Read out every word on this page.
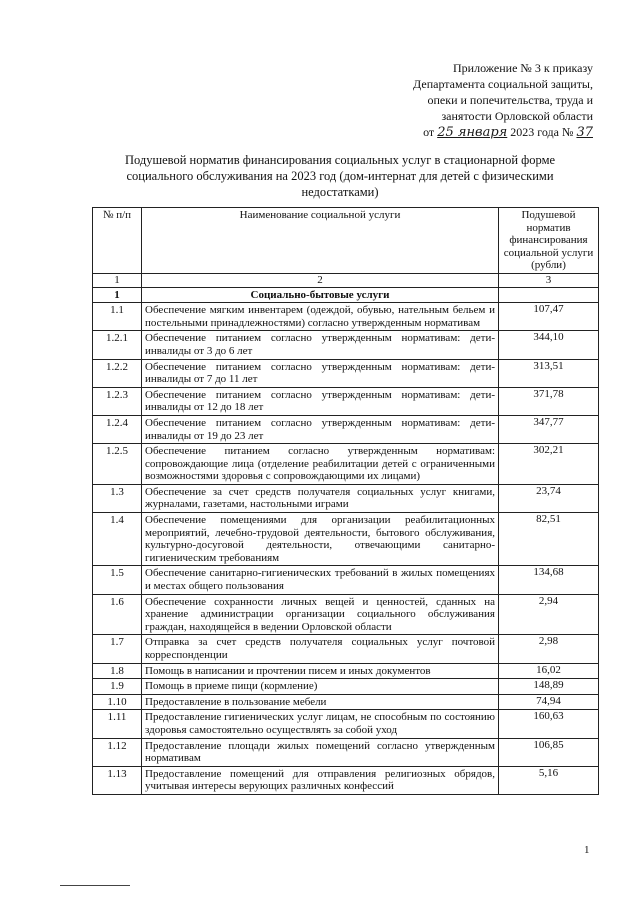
Приложение № 3 к приказу
Департамента социальной защиты,
опеки и попечительства, труда и
занятости Орловской области
от 25 января 2023 года № 37
Подушевой норматив финансирования социальных услуг в стационарной форме социального обслуживания на 2023 год (дом-интернат для детей с физическими недостатками)
№ п/п	Наименование социальной услуги	Подушевой норматив финансирования социальной услуги (рубли)
1	2	3
1	Социально-бытовые услуги	
1.1	Обеспечение мягким инвентарем (одеждой, обувью, нательным бельем и постельными принадлежностями) согласно утвержденным нормативам	107,47
1.2.1	Обеспечение питанием согласно утвержденным нормативам: дети-инвалиды от 3 до 6 лет	344,10
1.2.2	Обеспечение питанием согласно утвержденным нормативам: дети-инвалиды от 7 до 11 лет	313,51
1.2.3	Обеспечение питанием согласно утвержденным нормативам: дети-инвалиды от 12 до 18 лет	371,78
1.2.4	Обеспечение питанием согласно утвержденным нормативам: дети-инвалиды от 19 до 23 лет	347,77
1.2.5	Обеспечение питанием согласно утвержденным нормативам: сопровождающие лица (отделение реабилитации детей с ограниченными возможностями здоровья с сопровождающими их лицами)	302,21
1.3	Обеспечение за счет средств получателя социальных услуг книгами, журналами, газетами, настольными играми	23,74
1.4	Обеспечение помещениями для организации реабилитационных мероприятий, лечебно-трудовой деятельности, бытового обслуживания, культурно-досуговой деятельности, отвечающими санитарно-гигиеническим требованиям	82,51
1.5	Обеспечение санитарно-гигиенических требований в жилых помещениях и местах общего пользования	134,68
1.6	Обеспечение сохранности личных вещей и ценностей, сданных на хранение администрации организации социального обслуживания граждан, находящейся в ведении Орловской области	2,94
1.7	Отправка за счет средств получателя социальных услуг почтовой корреспонденции	2,98
1.8	Помощь в написании и прочтении писем и иных документов	16,02
1.9	Помощь в приеме пищи (кормление)	148,89
1.10	Предоставление в пользование мебели	74,94
1.11	Предоставление гигиенических услуг лицам, не способным по состоянию здоровья самостоятельно осуществлять за собой уход	160,63
1.12	Предоставление площади жилых помещений согласно утвержденным нормативам	106,85
1.13	Предоставление помещений для отправления религиозных обрядов, учитывая интересы верующих различных конфессий	5,16
1
